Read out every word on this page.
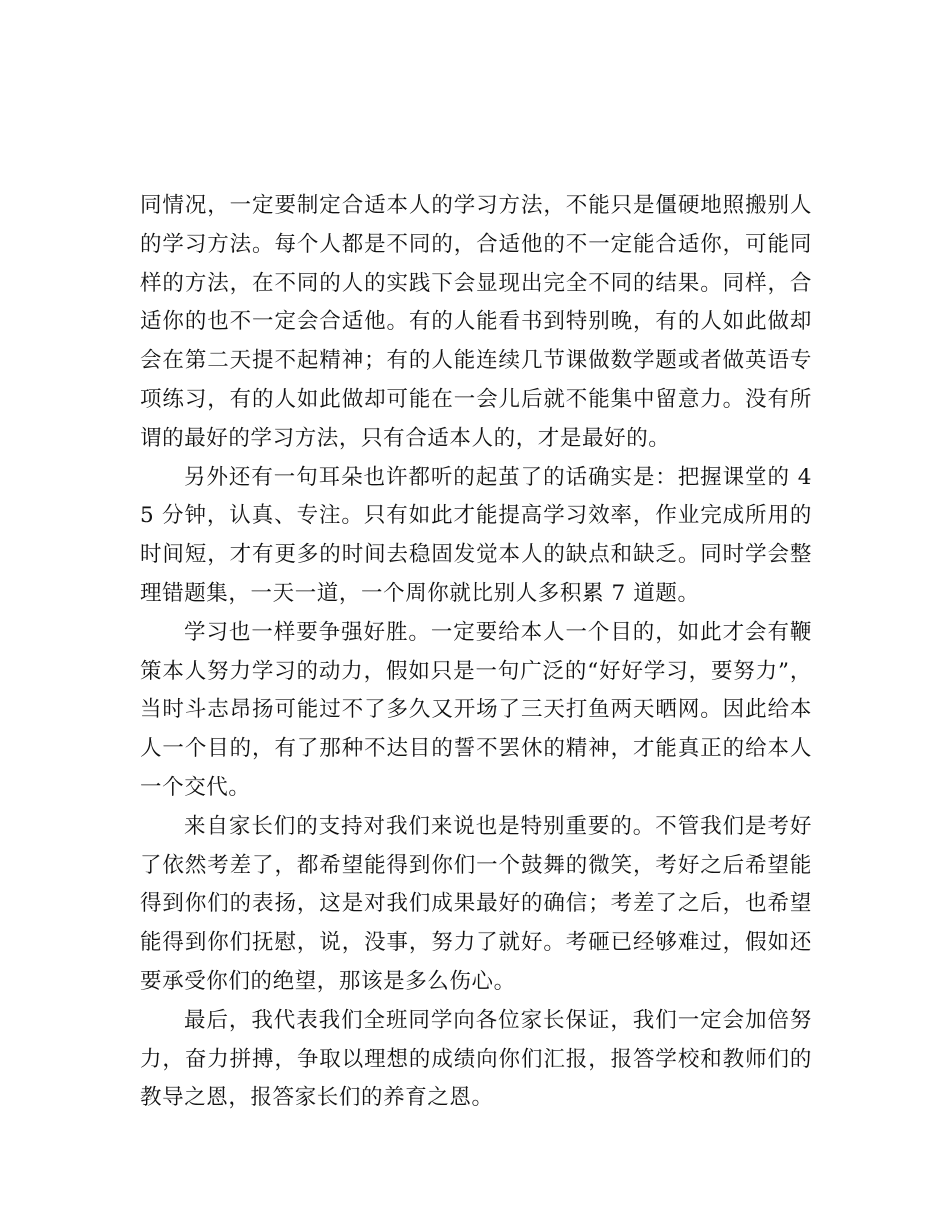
同情况，一定要制定合适本人的学习方法，不能只是僵硬地照搬别人的学习方法。每个人都是不同的，合适他的不一定能合适你，可能同样的方法，在不同的人的实践下会显现出完全不同的结果。同样，合适你的也不一定会合适他。有的人能看书到特别晚，有的人如此做却会在第二天提不起精神；有的人能连续几节课做数学题或者做英语专项练习，有的人如此做却可能在一会儿后就不能集中留意力。没有所谓的最好的学习方法，只有合适本人的，才是最好的。

另外还有一句耳朵也许都听的起茧了的话确实是：把握课堂的 45 分钟，认真、专注。只有如此才能提高学习效率，作业完成所用的时间短，才有更多的时间去稳固发觉本人的缺点和缺乏。同时学会整理错题集，一天一道，一个周你就比别人多积累 7 道题。

学习也一样要争强好胜。一定要给本人一个目的，如此才会有鞭策本人努力学习的动力，假如只是一句广泛的“好好学习，要努力”，当时斗志昂扬可能过不了多久又开场了三天打鱼两天晒网。因此给本人一个目的，有了那种不达目的誓不罢休的精神，才能真正的给本人一个交代。

来自家长们的支持对我们来说也是特别重要的。不管我们是考好了依然考差了，都希望能得到你们一个鼓舞的微笑，考好之后希望能得到你们的表扬，这是对我们成果最好的确信；考差了之后，也希望能得到你们抚慰，说，没事，努力了就好。考砸已经够难过，假如还要承受你们的绝望，那该是多么伤心。

最后，我代表我们全班同学向各位家长保证，我们一定会加倍努力，奋力拼搏，争取以理想的成绩向你们汇报，报答学校和教师们的教导之恩，报答家长们的养育之恩。
